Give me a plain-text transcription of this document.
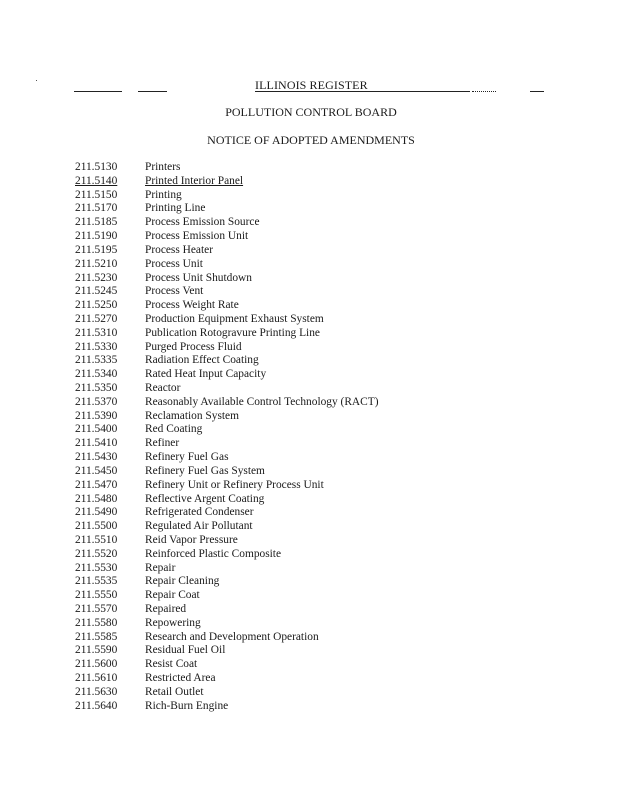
ILLINOIS REGISTER
POLLUTION CONTROL BOARD
NOTICE OF ADOPTED AMENDMENTS
211.5130	Printers
211.5140	Printed Interior Panel
211.5150	Printing
211.5170	Printing Line
211.5185	Process Emission Source
211.5190	Process Emission Unit
211.5195	Process Heater
211.5210	Process Unit
211.5230	Process Unit Shutdown
211.5245	Process Vent
211.5250	Process Weight Rate
211.5270	Production Equipment Exhaust System
211.5310	Publication Rotogravure Printing Line
211.5330	Purged Process Fluid
211.5335	Radiation Effect Coating
211.5340	Rated Heat Input Capacity
211.5350	Reactor
211.5370	Reasonably Available Control Technology (RACT)
211.5390	Reclamation System
211.5400	Red Coating
211.5410	Refiner
211.5430	Refinery Fuel Gas
211.5450	Refinery Fuel Gas System
211.5470	Refinery Unit or Refinery Process Unit
211.5480	Reflective Argent Coating
211.5490	Refrigerated Condenser
211.5500	Regulated Air Pollutant
211.5510	Reid Vapor Pressure
211.5520	Reinforced Plastic Composite
211.5530	Repair
211.5535	Repair Cleaning
211.5550	Repair Coat
211.5570	Repaired
211.5580	Repowering
211.5585	Research and Development Operation
211.5590	Residual Fuel Oil
211.5600	Resist Coat
211.5610	Restricted Area
211.5630	Retail Outlet
211.5640	Rich-Burn Engine
